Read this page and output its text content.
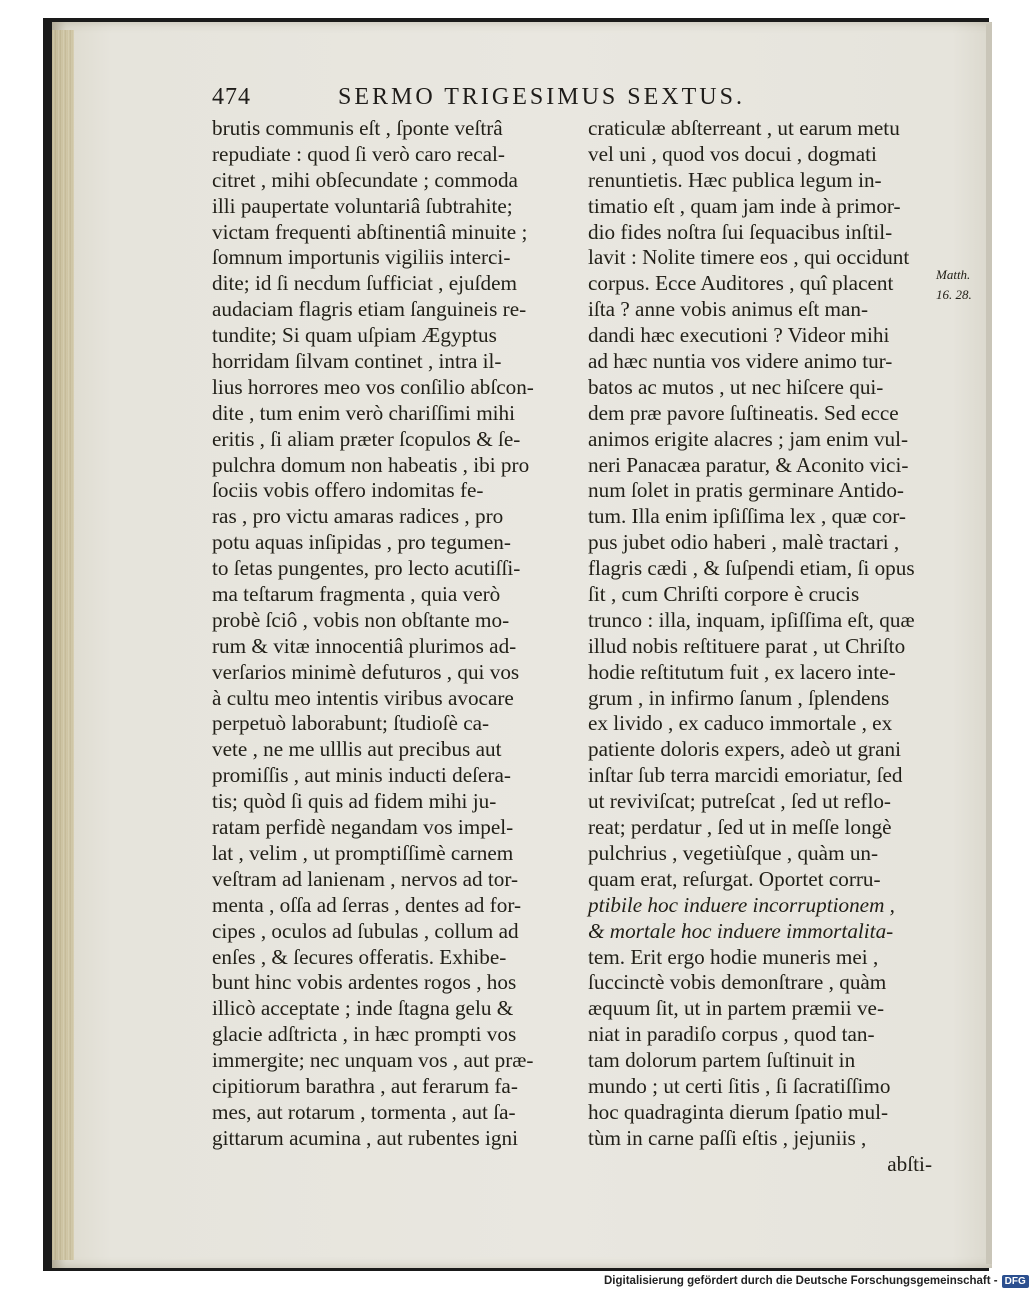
474	SERMO TRIGESIMUS SEXTUS.
brutis communis eſt , ſponte veſtrâ
repudiate : quod ſi verò caro recal-
citret , mihi obſecundate ; commoda
illi paupertate voluntariâ ſubtrahite;
victam frequenti abſtinentiâ minuite ;
ſomnum importunis vigiliis interci-
dite; id ſi necdum ſufficiat , ejuſdem
audaciam flagris etiam ſanguineis re-
tundite; Si quam uſpiam Ægyptus
horridam ſilvam continet , intra il-
lius horrores meo vos conſilio abſcon-
dite , tum enim verò chariſſimi mihi
eritis , ſi aliam præter ſcopulos & ſe-
pulchra domum non habeatis , ibi pro
ſociis vobis offero indomitas fe-
ras , pro victu amaras radices , pro
potu aquas inſipidas , pro tegumen-
to ſetas pungentes, pro lecto acutiſſi-
ma teſtarum fragmenta , quia verò
probè ſciô , vobis non obſtante mo-
rum & vitæ innocentiâ plurimos ad-
verſarios minimè defuturos , qui vos
à cultu meo intentis viribus avocare
perpetuò laborabunt; ſtudioſè ca-
vete , ne me ulllis aut precibus aut
promiſſis , aut minis inducti deſera-
tis; quòd ſi quis ad fidem mihi ju-
ratam perfidè negandam vos impel-
lat , velim , ut promptiſſimè carnem
veſtram ad lanienam , nervos ad tor-
menta , oſſa ad ſerras , dentes ad for-
cipes , oculos ad ſubulas , collum ad
enſes , & ſecures offeratis. Exhibe-
bunt hinc vobis ardentes rogos , hos
illicò acceptate ; inde ſtagna gelu &
glacie adſtricta , in hæc prompti vos
immergite; nec unquam vos , aut præ-
cipitiorum barathra , aut ferarum fa-
mes, aut rotarum , tormenta , aut ſa-
gittarum acumina , aut rubentes igni
craticulæ abſterreant , ut earum metu
vel uni , quod vos docui , dogmati
renuntietis. Hæc publica legum in-
timatio eſt , quam jam inde à primor-
dio fides noſtra ſui ſequacibus inſtil-
lavit : Nolite timere eos , qui occidunt
corpus. Ecce Auditores , quî placent
iſta ? anne vobis animus eſt man-
dandi hæc executioni ? Videor mihi
ad hæc nuntia vos videre animo tur-
batos ac mutos , ut nec hiſcere qui-
dem præ pavore ſuſtineatis. Sed ecce
animos erigite alacres ; jam enim vul-
neri Panacæa paratur, & Aconito vici-
num ſolet in pratis germinare Antido-
tum. Illa enim ipſiſſima lex , quæ cor-
pus jubet odio haberi , malè tractari ,
flagris cædi , & ſuſpendi etiam, ſi opus
ſit , cum Chriſti corpore è crucis
trunco : illa, inquam, ipſiſſima eſt, quæ
illud nobis reſtituere parat , ut Chriſto
hodie reſtitutum fuit , ex lacero inte-
grum , in infirmo ſanum , ſplendens
ex livido , ex caduco immortale , ex
patiente doloris expers, adeò ut grani
inſtar ſub terra marcidi emoriatur, ſed
ut reviviſcat; putreſcat , ſed ut reflo-
reat; perdatur , ſed ut in meſſe longè
pulchrius , vegetiùſque , quàm un-
quam erat, reſurgat. Oportet corru-
ptibile hoc induere incorruptionem ,
& mortale hoc induere immortalita-
tem. Erit ergo hodie muneris mei ,
ſuccinctè vobis demonſtrare , quàm
æquum ſit, ut in partem præmii ve-
niat in paradiſo corpus , quod tan-
tam dolorum partem ſuſtinuit in
mundo ; ut certi ſitis , ſi ſacratiſſimo
hoc quadraginta dierum ſpatio mul-
tùm in carne paſſi eſtis , jejuniis ,
abſti-
Matth.
16. 28.
Digitalisierung gefördert durch die Deutsche Forschungsgemeinschaft - DFG
